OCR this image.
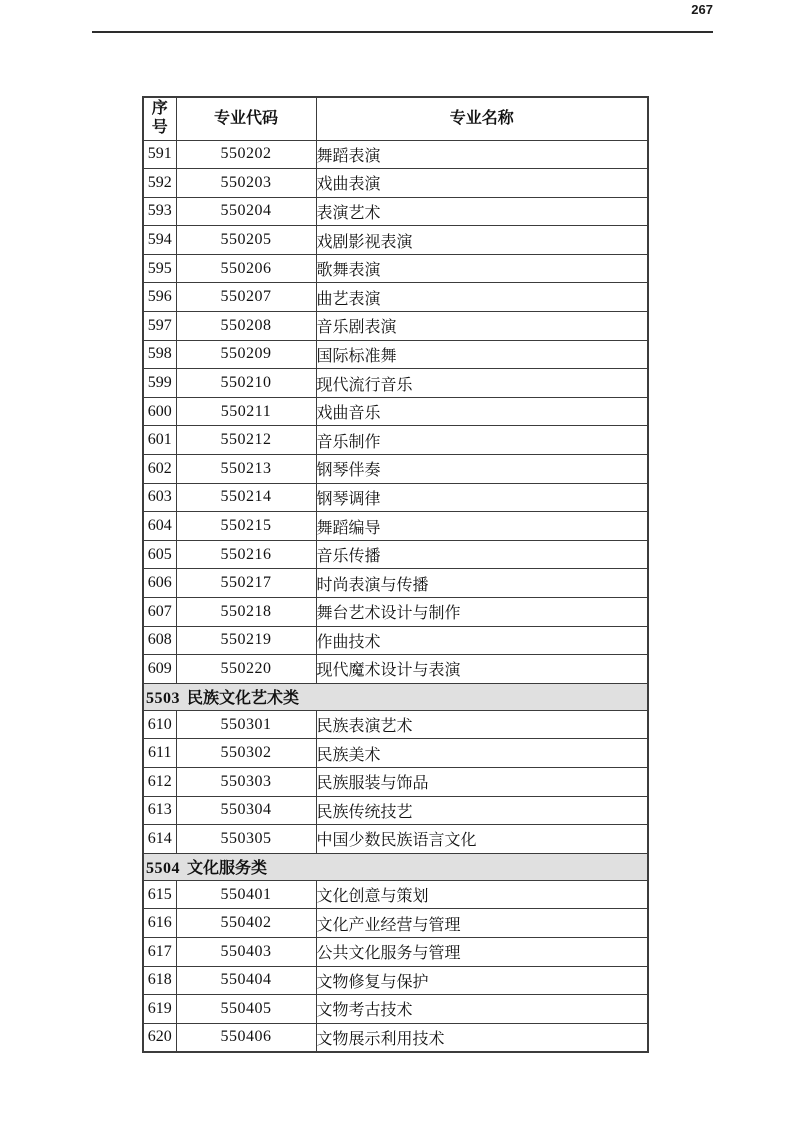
267
序号	专业代码	专业名称
591	550202	舞蹈表演
592	550203	戏曲表演
593	550204	表演艺术
594	550205	戏剧影视表演
595	550206	歌舞表演
596	550207	曲艺表演
597	550208	音乐剧表演
598	550209	国际标准舞
599	550210	现代流行音乐
600	550211	戏曲音乐
601	550212	音乐制作
602	550213	钢琴伴奏
603	550214	钢琴调律
604	550215	舞蹈编导
605	550216	音乐传播
606	550217	时尚表演与传播
607	550218	舞台艺术设计与制作
608	550219	作曲技术
609	550220	现代魔术设计与表演
5503 民族文化艺术类		
610	550301	民族表演艺术
611	550302	民族美术
612	550303	民族服装与饰品
613	550304	民族传统技艺
614	550305	中国少数民族语言文化
5504 文化服务类		
615	550401	文化创意与策划
616	550402	文化产业经营与管理
617	550403	公共文化服务与管理
618	550404	文物修复与保护
619	550405	文物考古技术
620	550406	文物展示利用技术
